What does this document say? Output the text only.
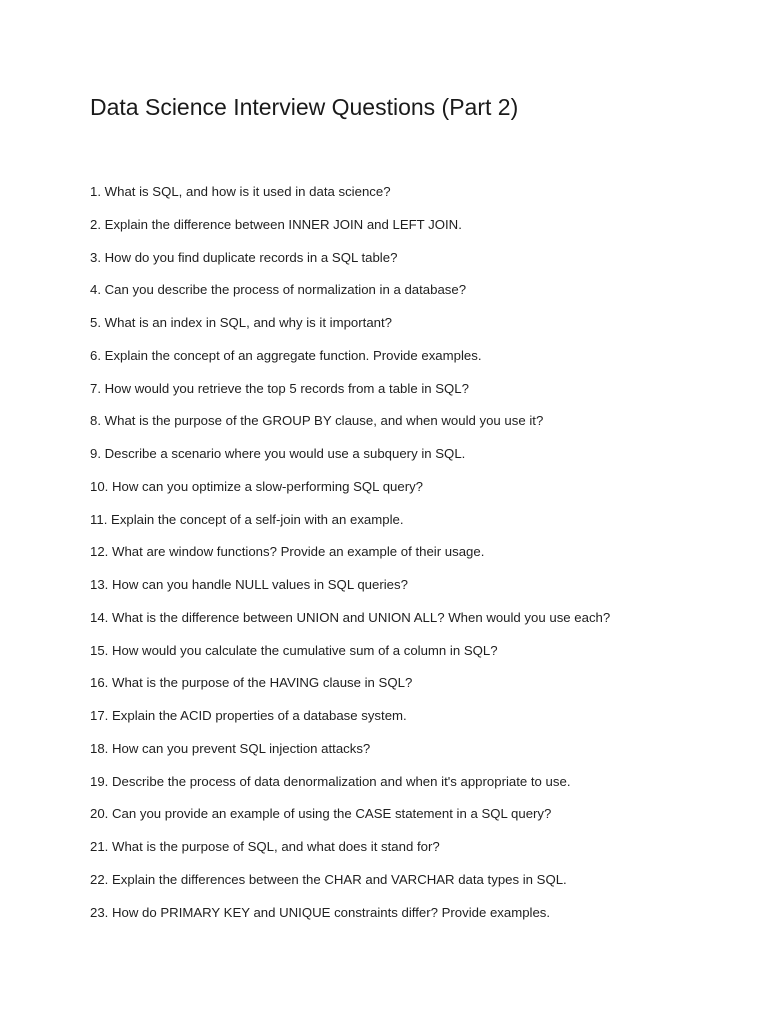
Data Science Interview Questions (Part 2)
1. What is SQL, and how is it used in data science?
2. Explain the difference between INNER JOIN and LEFT JOIN.
3. How do you find duplicate records in a SQL table?
4. Can you describe the process of normalization in a database?
5. What is an index in SQL, and why is it important?
6. Explain the concept of an aggregate function. Provide examples.
7. How would you retrieve the top 5 records from a table in SQL?
8. What is the purpose of the GROUP BY clause, and when would you use it?
9. Describe a scenario where you would use a subquery in SQL.
10. How can you optimize a slow-performing SQL query?
11. Explain the concept of a self-join with an example.
12. What are window functions? Provide an example of their usage.
13. How can you handle NULL values in SQL queries?
14. What is the difference between UNION and UNION ALL? When would you use each?
15. How would you calculate the cumulative sum of a column in SQL?
16. What is the purpose of the HAVING clause in SQL?
17. Explain the ACID properties of a database system.
18. How can you prevent SQL injection attacks?
19. Describe the process of data denormalization and when it's appropriate to use.
20. Can you provide an example of using the CASE statement in a SQL query?
21. What is the purpose of SQL, and what does it stand for?
22. Explain the differences between the CHAR and VARCHAR data types in SQL.
23. How do PRIMARY KEY and UNIQUE constraints differ? Provide examples.
